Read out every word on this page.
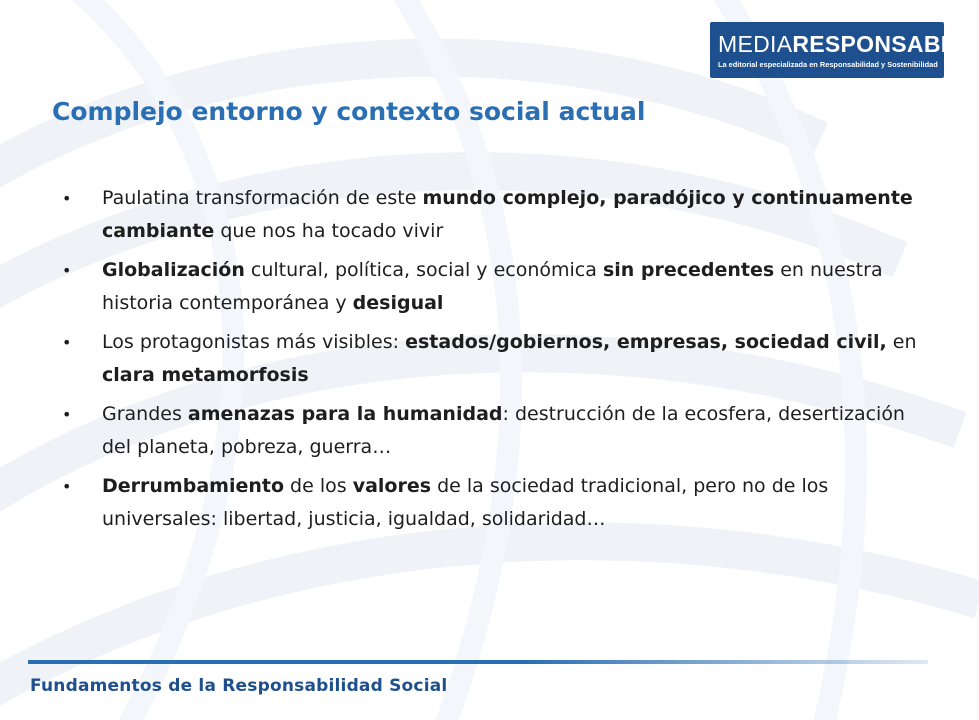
MEDIARESPONSABLE®
La editorial especializada en Responsabilidad y Sostenibilidad
Complejo entorno y contexto social actual
• Paulatina transformación de este mundo complejo, paradójico y continuamente cambiante que nos ha tocado vivir
• Globalización cultural, política, social y económica sin precedentes en nuestra historia contemporánea y desigual
• Los protagonistas más visibles: estados/gobiernos, empresas, sociedad civil, en clara metamorfosis
• Grandes amenazas para la humanidad: destrucción de la ecosfera, desertización del planeta, pobreza, guerra…
• Derrumbamiento de los valores de la sociedad tradicional, pero no de los universales: libertad, justicia, igualdad, solidaridad…
Fundamentos de la Responsabilidad Social
